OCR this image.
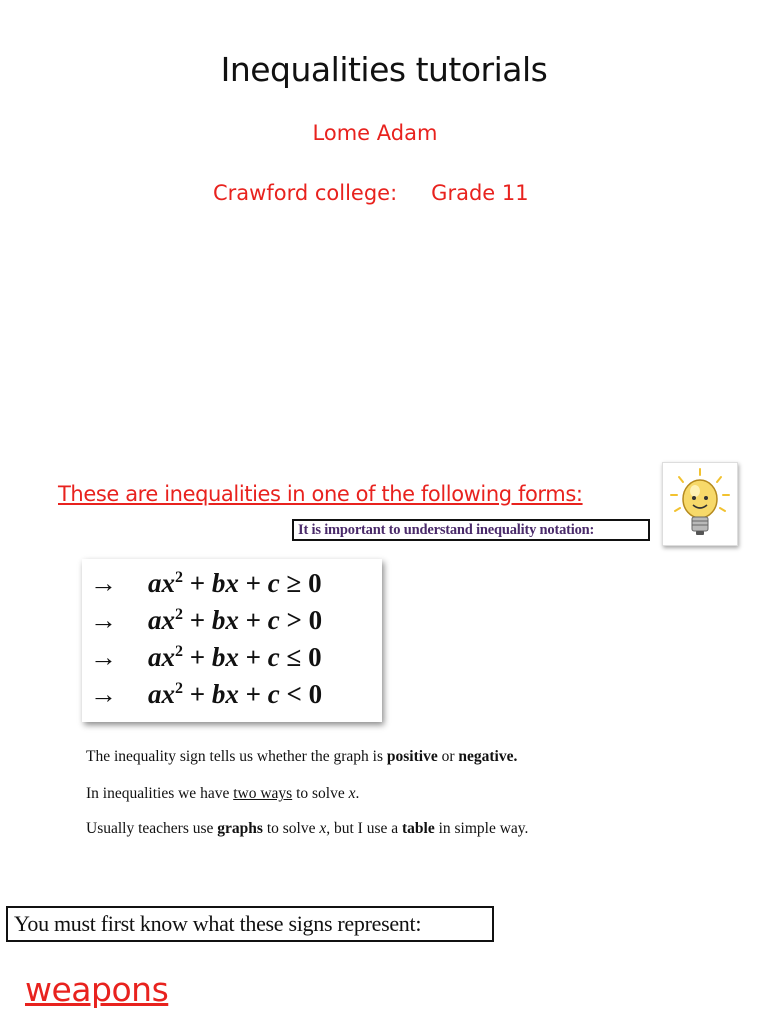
Inequalities tutorials
Lome Adam
Crawford college: Grade 11
These are inequalities in one of the following forms:
It is important to understand inequality notation:
→ $ax^2$ + bx + c ≥ 0
→ $ax^2$ + bx + c > 0
→ $ax^2$ + bx + c ≤ 0
→ $ax^2$ + bx + c < 0
The inequality sign tells us whether the graph is positive or negative.
In inequalities we have two ways to solve x.
Usually teachers use graphs to solve x, but I use a table in simple way.
You must first know what these signs represent:
weapons
